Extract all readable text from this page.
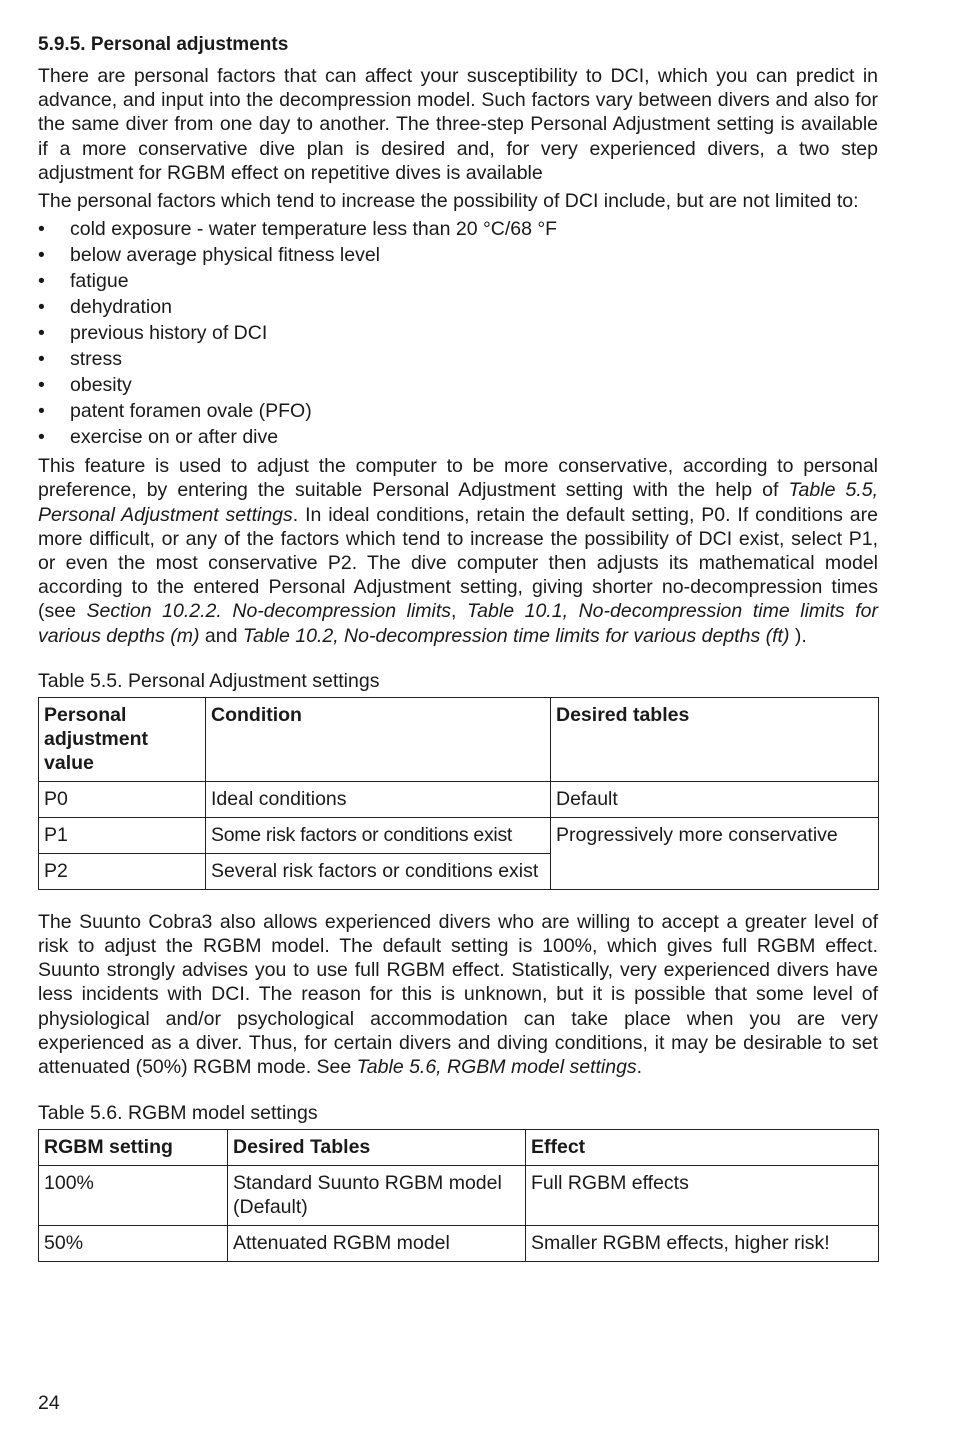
5.9.5. Personal adjustments

There are personal factors that can affect your susceptibility to DCI, which you can predict in advance, and input into the decompression model. Such factors vary between divers and also for the same diver from one day to another. The three-step Personal Adjustment setting is available if a more conservative dive plan is desired and, for very experienced divers, a two step adjustment for RGBM effect on repetitive dives is available

The personal factors which tend to increase the possibility of DCI include, but are not limited to:

• cold exposure - water temperature less than 20 °C/68 °F
• below average physical fitness level
• fatigue
• dehydration
• previous history of DCI
• stress
• obesity
• patent foramen ovale (PFO)
• exercise on or after dive

This feature is used to adjust the computer to be more conservative, according to personal preference, by entering the suitable Personal Adjustment setting with the help of Table 5.5, Personal Adjustment settings. In ideal conditions, retain the default setting, P0. If conditions are more difficult, or any of the factors which tend to increase the possibility of DCI exist, select P1, or even the most conservative P2. The dive computer then adjusts its mathematical model according to the entered Personal Adjustment setting, giving shorter no-decompression times (see Section 10.2.2. No-decompression limits, Table 10.1, No-decompression time limits for various depths (m) and Table 10.2, No-decompression time limits for various depths (ft) ).

Table 5.5. Personal Adjustment settings
Personal adjustment value	Condition	Desired tables
P0	Ideal conditions	Default
P1	Some risk factors or conditions exist	Progressively more conservative
P2	Several risk factors or conditions exist	

The Suunto Cobra3 also allows experienced divers who are willing to accept a greater level of risk to adjust the RGBM model. The default setting is 100%, which gives full RGBM effect. Suunto strongly advises you to use full RGBM effect. Statistically, very experienced divers have less incidents with DCI. The reason for this is unknown, but it is possible that some level of physiological and/or psychological accommodation can take place when you are very experienced as a diver. Thus, for certain divers and diving conditions, it may be desirable to set attenuated (50%) RGBM mode. See Table 5.6, RGBM model settings.

Table 5.6. RGBM model settings
RGBM setting	Desired Tables	Effect
100%	Standard Suunto RGBM model (Default)	Full RGBM effects
50%	Attenuated RGBM model	Smaller RGBM effects, higher risk!
24
